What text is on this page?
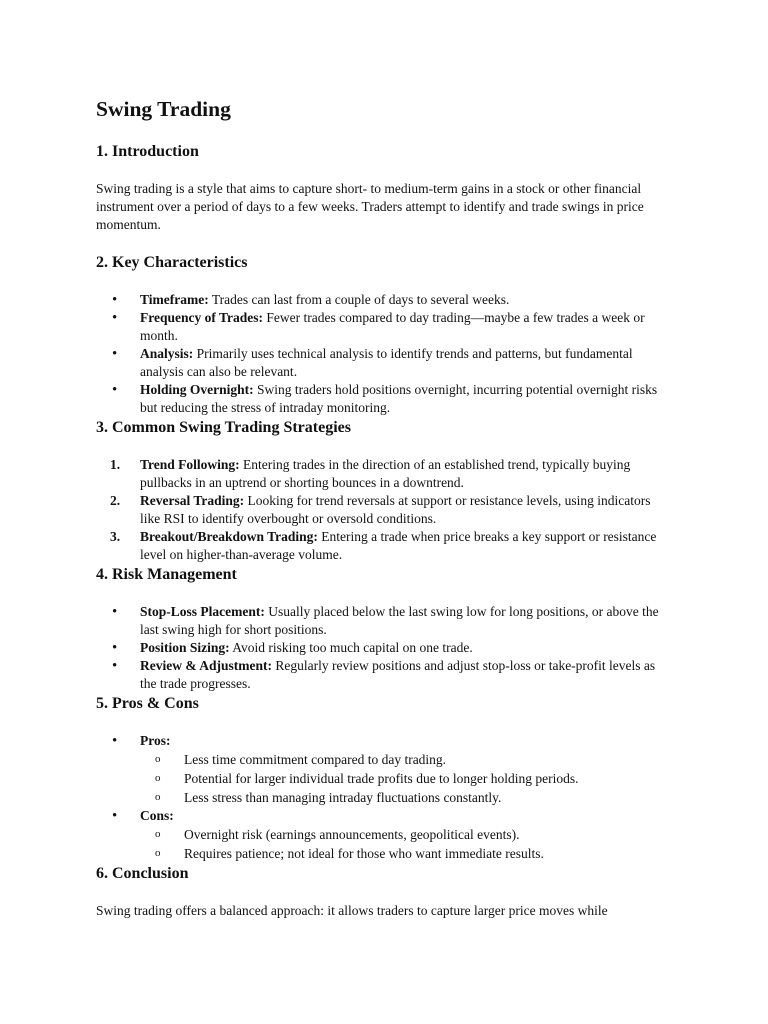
Swing Trading
1. Introduction

Swing trading is a style that aims to capture short- to medium-term gains in a stock or other financial instrument over a period of days to a few weeks. Traders attempt to identify and trade swings in price momentum.

2. Key Characteristics
•	Timeframe: Trades can last from a couple of days to several weeks.
•	Frequency of Trades: Fewer trades compared to day trading—maybe a few trades a week or month.
•	Analysis: Primarily uses technical analysis to identify trends and patterns, but fundamental analysis can also be relevant.
•	Holding Overnight: Swing traders hold positions overnight, incurring potential overnight risks but reducing the stress of intraday monitoring.
3. Common Swing Trading Strategies
1.	Trend Following: Entering trades in the direction of an established trend, typically buying pullbacks in an uptrend or shorting bounces in a downtrend.
2.	Reversal Trading: Looking for trend reversals at support or resistance levels, using indicators like RSI to identify overbought or oversold conditions.
3.	Breakout/Breakdown Trading: Entering a trade when price breaks a key support or resistance level on higher-than-average volume.
4. Risk Management
•	Stop-Loss Placement: Usually placed below the last swing low for long positions, or above the last swing high for short positions.
•	Position Sizing: Avoid risking too much capital on one trade.
•	Review & Adjustment: Regularly review positions and adjust stop-loss or take-profit levels as the trade progresses.
5. Pros & Cons
•	Pros:
o Less time commitment compared to day trading.
o Potential for larger individual trade profits due to longer holding periods.
o Less stress than managing intraday fluctuations constantly.
•	Cons:
o Overnight risk (earnings announcements, geopolitical events).
o Requires patience; not ideal for those who want immediate results.
6. Conclusion

Swing trading offers a balanced approach: it allows traders to capture larger price moves while
